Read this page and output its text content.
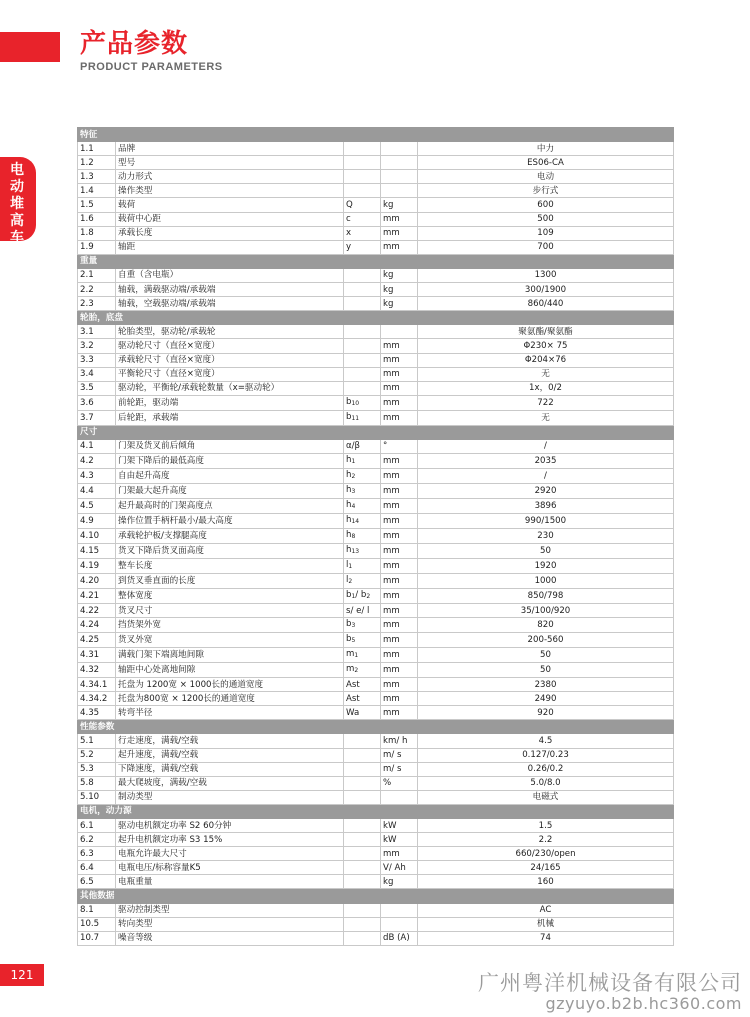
产品参数
PRODUCT PARAMETERS
电动堆高车
特征				
1.1	品牌			中力
1.2	型号			ES06-CA
1.3	动力形式			电动
1.4	操作类型			步行式
1.5	载荷	Q	kg	600
1.6	载荷中心距	c	mm	500
1.8	承载长度	x	mm	109
1.9	轴距	y	mm	700
重量				
2.1	自重（含电瓶）		kg	1300
2.2	轴载，满载驱动端/承载端		kg	300/1900
2.3	轴载，空载驱动端/承载端		kg	860/440
轮胎，底盘				
3.1	轮胎类型，驱动轮/承载轮			聚氨酯/聚氨酯
3.2	驱动轮尺寸（直径×宽度）		mm	Φ230× 75
3.3	承载轮尺寸（直径×宽度）		mm	Φ204×76
3.4	平衡轮尺寸（直径×宽度）		mm	无
3.5	驱动轮，平衡轮/承载轮数量（x=驱动轮）		mm	1x，0/2
3.6	前轮距，驱动端	$b_{10}$	mm	722
3.7	后轮距，承载端	$b_{11}$	mm	无
尺寸				
4.1	门架及货叉前后倾角	α/β	°	/
4.2	门架下降后的最低高度	$h_1$	mm	2035
4.3	自由起升高度	$h_2$	mm	/
4.4	门架最大起升高度	$h_3$	mm	2920
4.5	起升最高时的门架高度点	$h_4$	mm	3896
4.9	操作位置手柄杆最小/最大高度	$h_{14}$	mm	990/1500
4.10	承载轮护板/支撑腿高度	$h_8$	mm	230
4.15	货叉下降后货叉面高度	$h_{13}$	mm	50
4.19	整车长度	$l_1$	mm	1920
4.20	到货叉垂直面的长度	$l_2$	mm	1000
4.21	整体宽度	$b_1/$ $b_2$	mm	850/798
4.22	货叉尺寸	s/ e/ l	mm	35/100/920
4.24	挡货架外宽	$b_3$	mm	820
4.25	货叉外宽	$b_5$	mm	200-560
4.31	满载门架下端离地间隙	$m_1$	mm	50
4.32	轴距中心处离地间隙	$m_2$	mm	50
4.34.1	托盘为 1200宽 × 1000长的通道宽度	Ast	mm	2380
4.34.2	托盘为800宽 × 1200长的通道宽度	Ast	mm	2490
4.35	转弯半径	Wa	mm	920
性能参数				
5.1	行走速度，满载/空载		km/ h	4.5
5.2	起升速度，满载/空载		m/ s	0.127/0.23
5.3	下降速度，满载/空载		m/ s	0.26/0.2
5.8	最大爬坡度，满载/空载		%	5.0/8.0
5.10	制动类型			电磁式
电机，动力源				
6.1	驱动电机额定功率 S2 60分钟		kW	1.5
6.2	起升电机额定功率 S3 15%		kW	2.2
6.3	电瓶允许最大尺寸		mm	660/230/open
6.4	电瓶电压/标称容量K5		V/ Ah	24/165
6.5	电瓶重量		kg	160
其他数据				
8.1	驱动控制类型			AC
10.5	转向类型			机械
10.7	噪音等级		dB (A)	74
121	广州粤洋机械设备有限公司
gzyuyo.b2b.hc360.com
